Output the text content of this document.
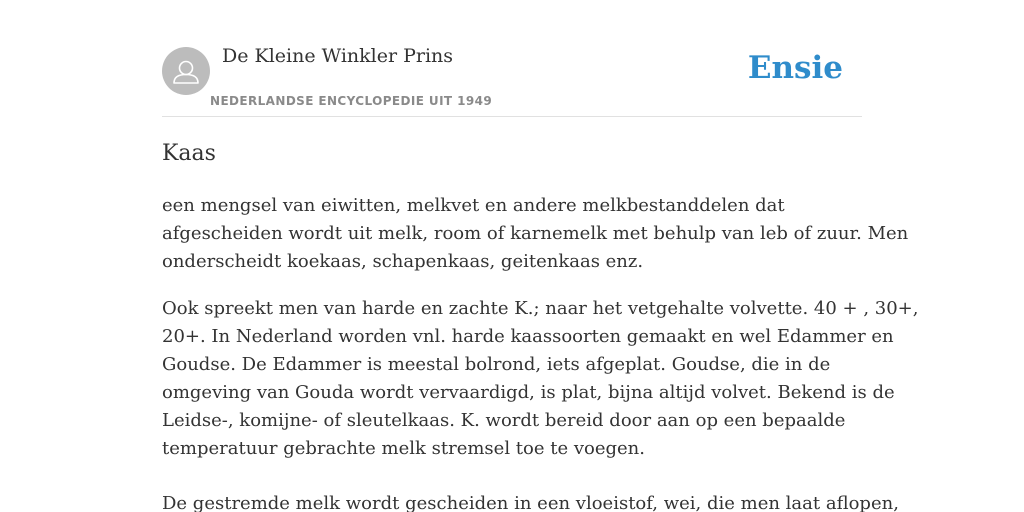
De Kleine Winkler Prins
NEDERLANDSE ENCYCLOPEDIE UIT 1949
Ensie
Kaas

een mengsel van eiwitten, melkvet en andere melkbestanddelen dat
afgescheiden wordt uit melk, room of karnemelk met behulp van leb of zuur. Men
onderscheidt koekaas, schapenkaas, geitenkaas enz.

Ook spreekt men van harde en zachte K.; naar het vetgehalte volvette. 40 + , 30+,
20+. In Nederland worden vnl. harde kaassoorten gemaakt en wel Edammer en
Goudse. De Edammer is meestal bolrond, iets afgeplat. Goudse, die in de
omgeving van Gouda wordt vervaardigd, is plat, bijna altijd volvet. Bekend is de
Leidse-, komijne- of sleutelkaas. K. wordt bereid door aan op een bepaalde
temperatuur gebrachte melk stremsel toe te voegen.

De gestremde melk wordt gescheiden in een vloeistof, wei, die men laat aflopen,
